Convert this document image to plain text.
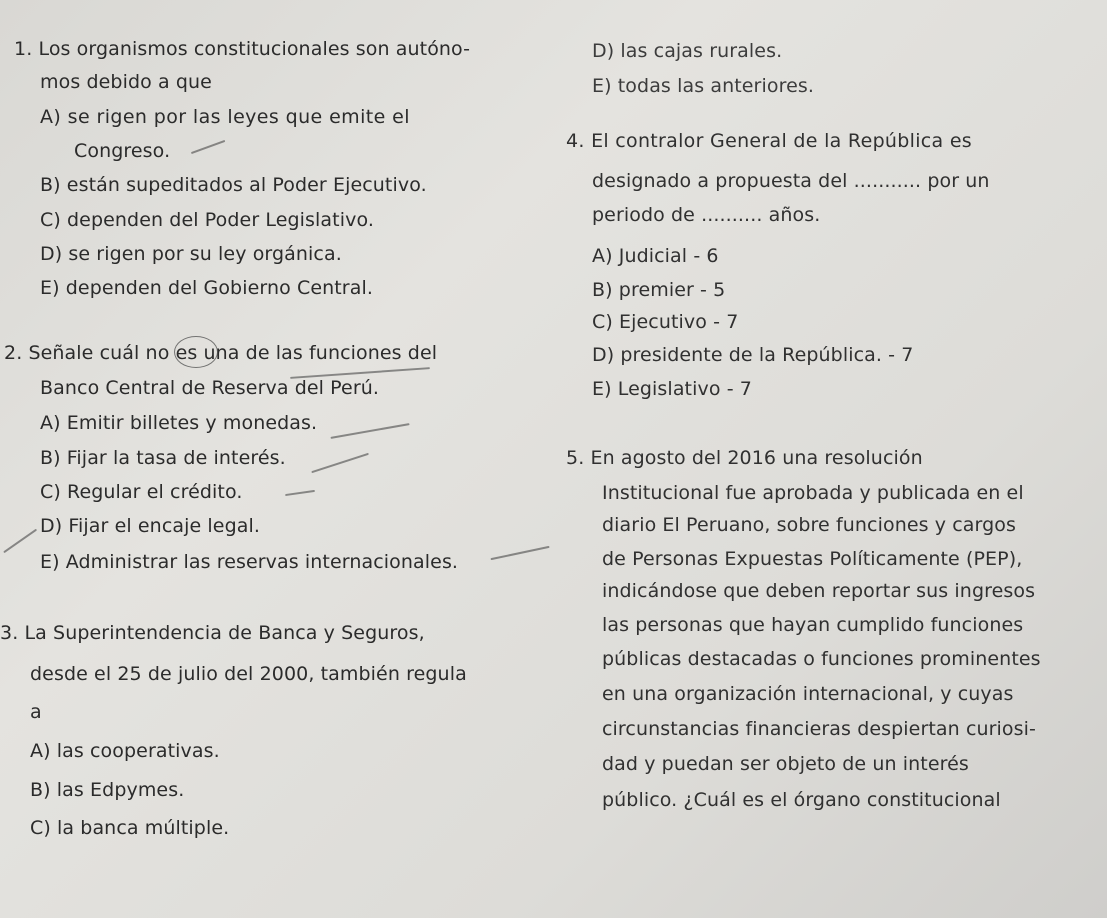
1. Los organismos constitucionales son autóno-
mos debido a que
A) se rigen por las leyes que emite el
Congreso.
B) están supeditados al Poder Ejecutivo.
C) dependen del Poder Legislativo.
D) se rigen por su ley orgánica.
E) dependen del Gobierno Central.
2. Señale cuál no es una de las funciones del
Banco Central de Reserva del Perú.
A) Emitir billetes y monedas.
B) Fijar la tasa de interés.
C) Regular el crédito.
D) Fijar el encaje legal.
E) Administrar las reservas internacionales.
3. La Superintendencia de Banca y Seguros,
desde el 25 de julio del 2000, también regula
a
A) las cooperativas.
B) las Edpymes.
C) la banca múltiple.
D) las cajas rurales.
E) todas las anteriores.
4. El contralor General de la República es
designado a propuesta del ........... por un
periodo de .......... años.
A) Judicial - 6
B) premier - 5
C) Ejecutivo - 7
D) presidente de la República. - 7
E) Legislativo - 7
5. En agosto del 2016 una resolución
Institucional fue aprobada y publicada en el
diario El Peruano, sobre funciones y cargos
de Personas Expuestas Políticamente (PEP),
indicándose que deben reportar sus ingresos
las personas que hayan cumplido funciones
públicas destacadas o funciones prominentes
en una organización internacional, y cuyas
circunstancias financieras despiertan curiosi-
dad y puedan ser objeto de un interés
público. ¿Cuál es el órgano constitucional
